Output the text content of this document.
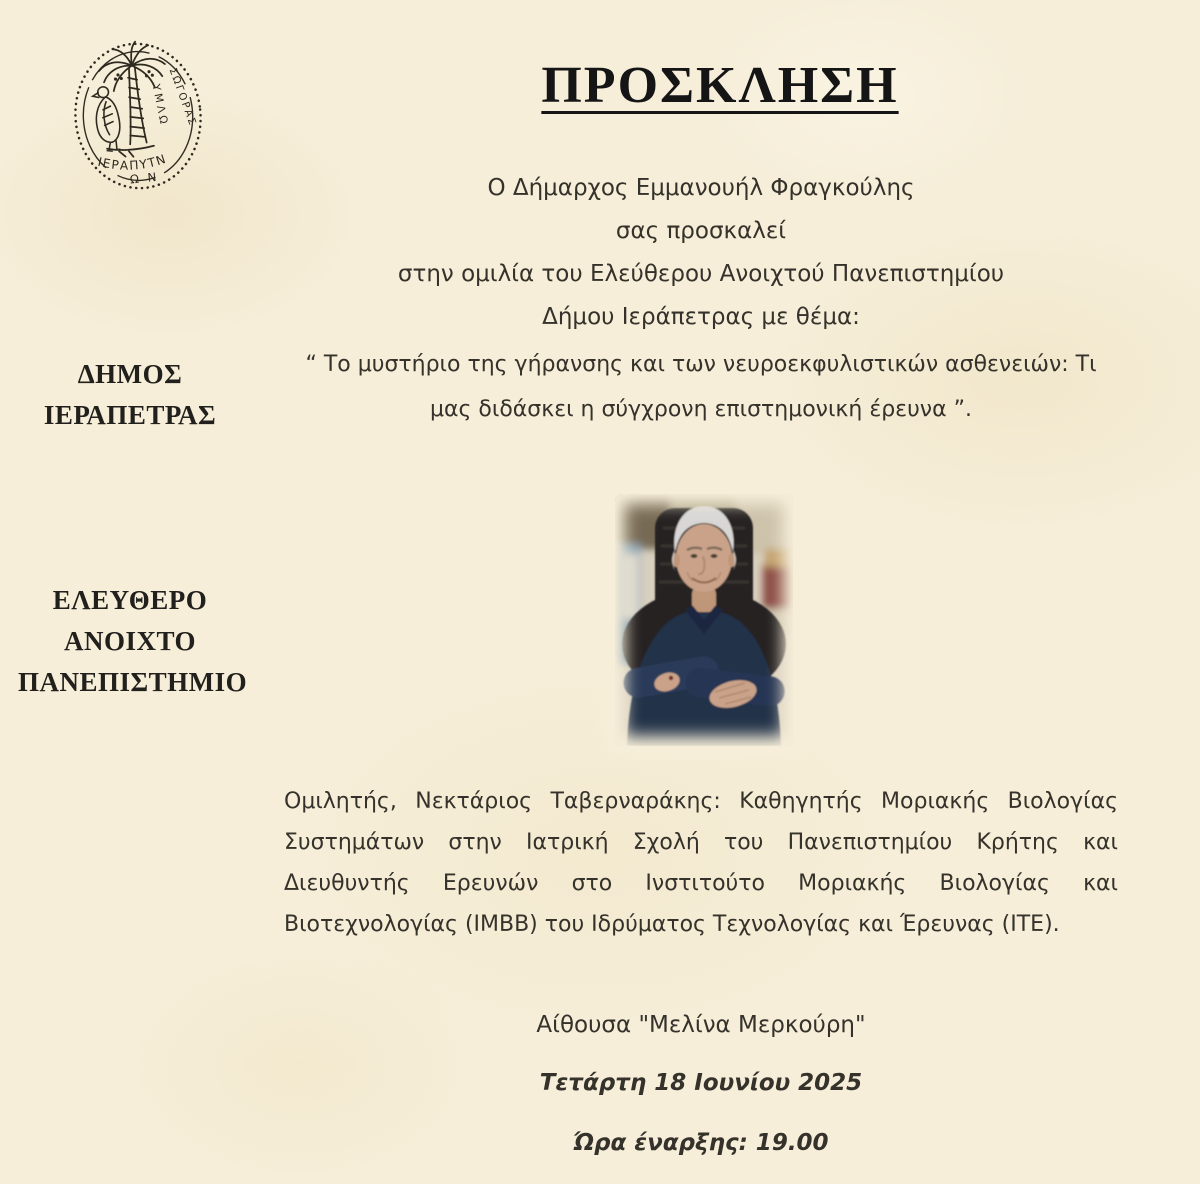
ΥΜΛΩ
ΣΩΓΟΡΑΣ
ΙΕΡΑΠΥΤΝ
ΩΝ
ΠΡΟΣΚΛΗΣΗ
ΔΗΜΟΣ
ΙΕΡΑΠΕΤΡΑΣ
ΕΛΕΥΘΕΡΟ
ΑΝΟΙΧΤΟ
ΠΑΝΕΠΙΣΤΗΜΙΟ
Ο Δήμαρχος Εμμανουήλ Φραγκούλης
σας προσκαλεί
στην ομιλία του Ελεύθερου Ανοιχτού Πανεπιστημίου
Δήμου Ιεράπετρας με θέμα:
“ Το μυστήριο της γήρανσης και των νευροεκφυλιστικών ασθενειών: Τι
μας διδάσκει η σύγχρονη επιστημονική έρευνα ”.
Ομιλητής, Νεκτάριος Ταβερναράκης: Καθηγητής Μοριακής Βιολογίας
Συστημάτων στην Ιατρική Σχολή του Πανεπιστημίου Κρήτης και
Διευθυντής Ερευνών στο Ινστιτούτο Μοριακής Βιολογίας και
Βιοτεχνολογίας (ΙΜΒΒ) του Ιδρύματος Τεχνολογίας και Έρευνας (ΙΤΕ).
Αίθουσα "Μελίνα Μερκούρη"
Τετάρτη 18 Ιουνίου 2025
Ώρα έναρξης: 19.00
